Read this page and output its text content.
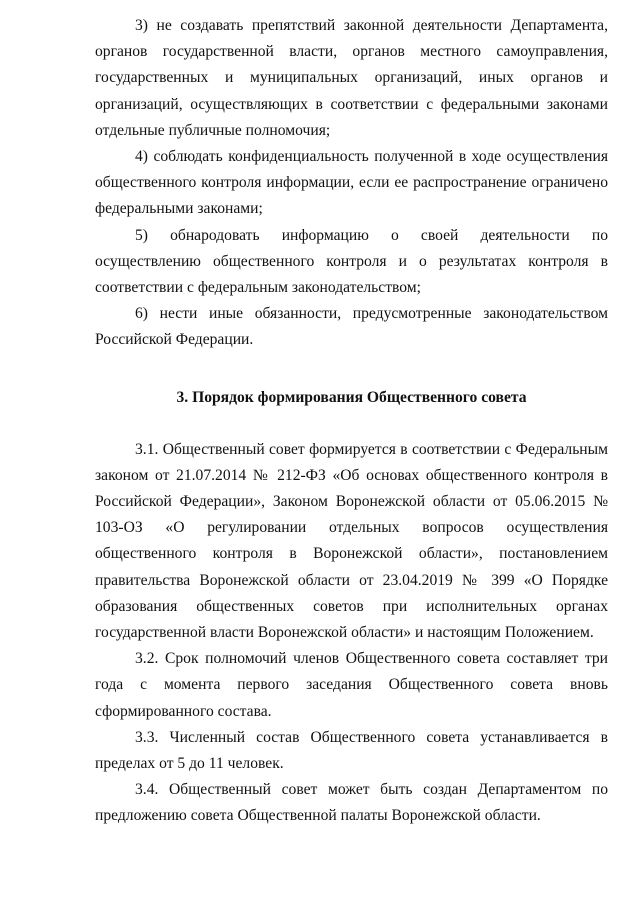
3) не создавать препятствий законной деятельности Департамента, органов государственной власти, органов местного самоуправления, государственных и муниципальных организаций, иных органов и организаций, осуществляющих в соответствии с федеральными законами отдельные публичные полномочия;

4) соблюдать конфиденциальность полученной в ходе осуществления общественного контроля информации, если ее распространение ограничено федеральными законами;

5) обнародовать информацию о своей деятельности по осуществлению общественного контроля и о результатах контроля в соответствии с федеральным законодательством;

6) нести иные обязанности, предусмотренные законодательством Российской Федерации.

3. Порядок формирования Общественного совета

3.1. Общественный совет формируется в соответствии с Федеральным законом от 21.07.2014 № 212-ФЗ «Об основах общественного контроля в Российской Федерации», Законом Воронежской области от 05.06.2015 № 103-ОЗ «О регулировании отдельных вопросов осуществления общественного контроля в Воронежской области», постановлением правительства Воронежской области от 23.04.2019 № 399 «О Порядке образования общественных советов при исполнительных органах государственной власти Воронежской области» и настоящим Положением.

3.2. Срок полномочий членов Общественного совета составляет три года с момента первого заседания Общественного совета вновь сформированного состава.

3.3. Численный состав Общественного совета устанавливается в пределах от 5 до 11 человек.

3.4. Общественный совет может быть создан Департаментом по предложению совета Общественной палаты Воронежской области.
